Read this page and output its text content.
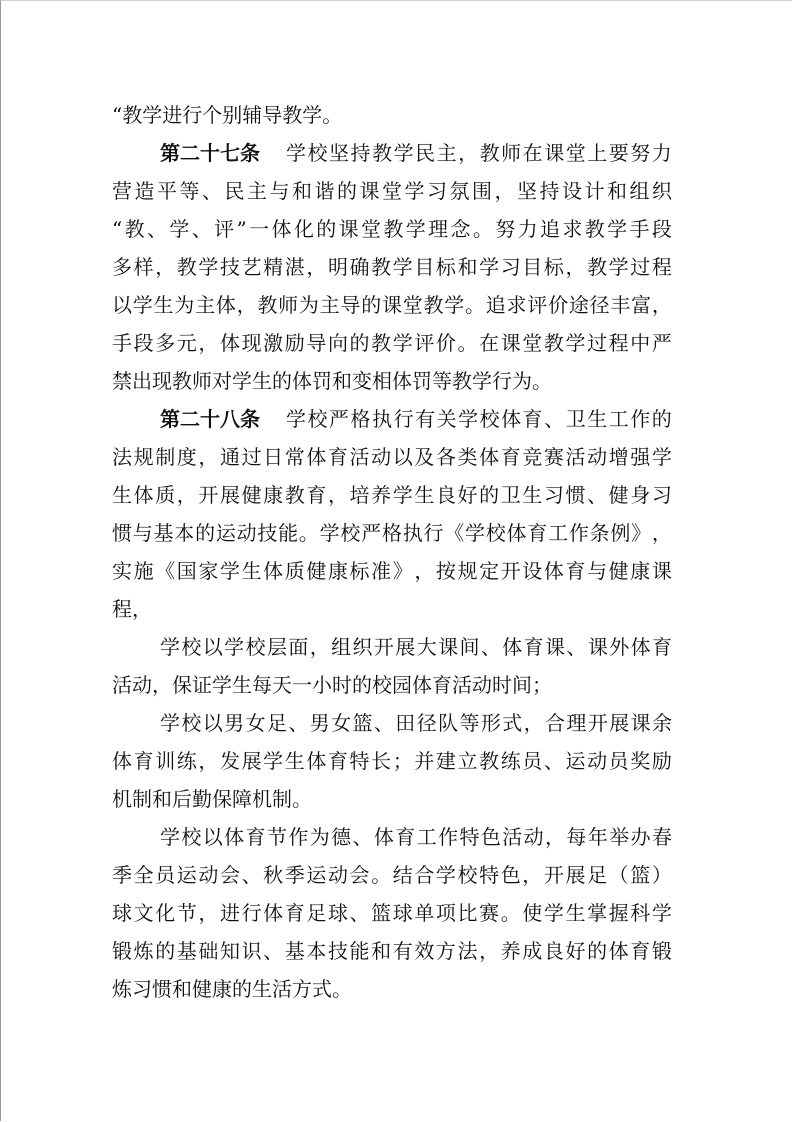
“教学进行个别辅导教学。
第二十七条 学 校 坚 持 教 学 民 主 ， 教 师 在 课 堂 上 要 努 力
营 造 平 等 、 民 主 与 和 谐 的 课 堂 学 习 氛 围 ， 坚 持 设 计 和 组 织
“ 教 、 学 、 评 ” 一 体 化 的 课 堂 教 学 理 念 。 努 力 追 求 教 学 手 段
多 样 ， 教 学 技 艺 精 湛 ， 明 确 教 学 目 标 和 学 习 目 标 ， 教 学 过 程
以 学 生 为 主 体 ， 教 师 为 主 导 的 课 堂 教 学 。 追 求 评 价 途 径 丰 富 ，
手 段 多 元 ， 体 现 激 励 导 向 的 教 学 评 价 。 在 课 堂 教 学 过 程 中 严
禁出现教师对学生的体罚和变相体罚等教学行为。
第二十八条 学 校 严 格 执 行 有 关 学 校 体 育 、 卫 生 工 作 的
法 规 制 度 ， 通 过 日 常 体 育 活 动 以 及 各 类 体 育 竞 赛 活 动 增 强 学
生 体 质 ， 开 展 健 康 教 育 ， 培 养 学 生 良 好 的 卫 生 习 惯 、 健 身 习
惯 与 基 本 的 运 动 技 能 。 学 校 严 格 执 行 《 学 校 体 育 工 作 条 例 》 ，
实 施 《 国 家 学 生 体 质 健 康 标 准 》 ， 按 规 定 开 设 体 育 与 健 康 课
程，
学 校 以 学 校 层 面 ， 组 织 开 展 大 课 间 、 体 育 课 、 课 外 体 育
活动，保证学生每天一小时的校园体育活动时间；
学 校 以 男 女 足 、 男 女 篮 、 田 径 队 等 形 式 ， 合 理 开 展 课 余
体 育 训 练 ， 发 展 学 生 体 育 特 长 ； 并 建 立 教 练 员 、 运 动 员 奖 励
机制和后勤保障机制。
学 校 以 体 育 节 作 为 德 、 体 育 工 作 特 色 活 动 ， 每 年 举 办 春
季 全 员 运 动 会 、 秋 季 运 动 会 。 结 合 学 校 特 色 ， 开 展 足 （ 篮 ）
球 文 化 节 ， 进 行 体 育 足 球 、 篮 球 单 项 比 赛 。 使 学 生 掌 握 科 学
锻 炼 的 基 础 知 识 、 基 本 技 能 和 有 效 方 法 ， 养 成 良 好 的 体 育 锻
炼习惯和健康的生活方式。
